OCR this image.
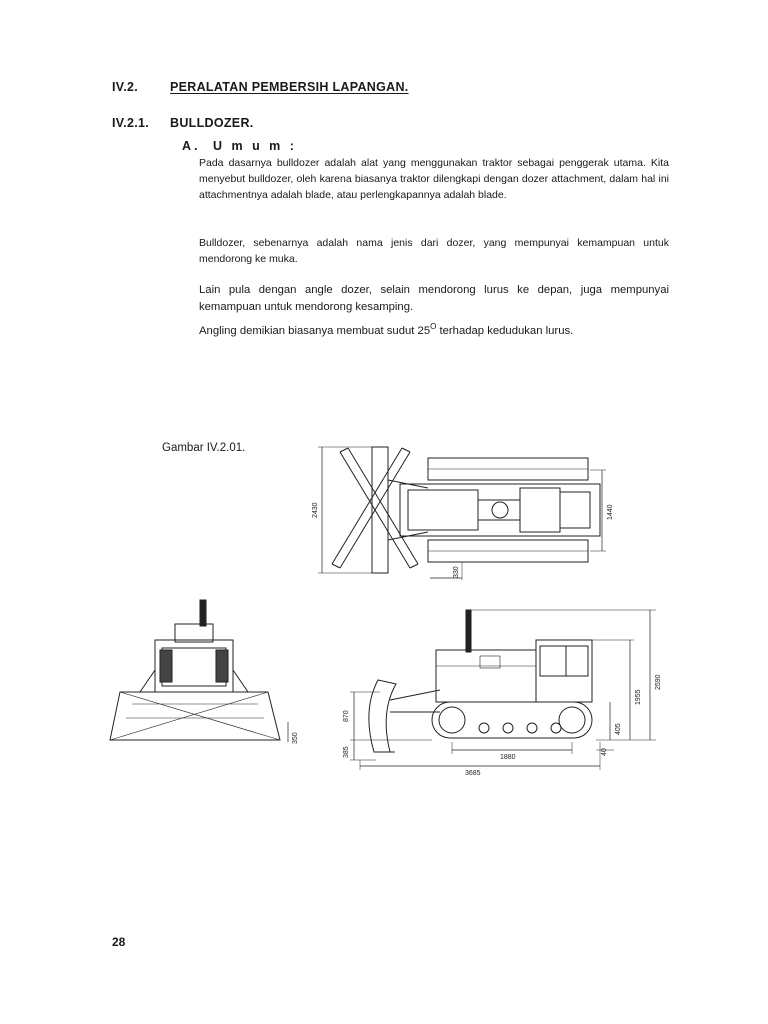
IV.2.	PERALATAN PEMBERSIH LAPANGAN.
IV.2.1. BULLDOZER.
A. U m u m :

Pada dasarnya bulldozer adalah alat yang menggunakan traktor sebagai penggerak utama. Kita menyebut bulldozer, oleh karena biasanya traktor dilengkapi dengan dozer attachment, dalam hal ini attachmentnya adalah blade, atau perlengkapannya adalah blade.

Bulldozer, sebenarnya adalah nama jenis dari dozer, yang mempunyai kemampuan untuk mendorong ke muka.

Lain pula dengan angle dozer, selain mendorong lurus ke depan, juga mempunyai kemampuan untuk mendorong kesamping.

Angling demikian biasanya membuat sudut $25^O$ terhadap kedudukan lurus.

Gambar IV.2.01.
2430	1440
330
350
2590
1955
405
40
870
385	1880
3685
28
